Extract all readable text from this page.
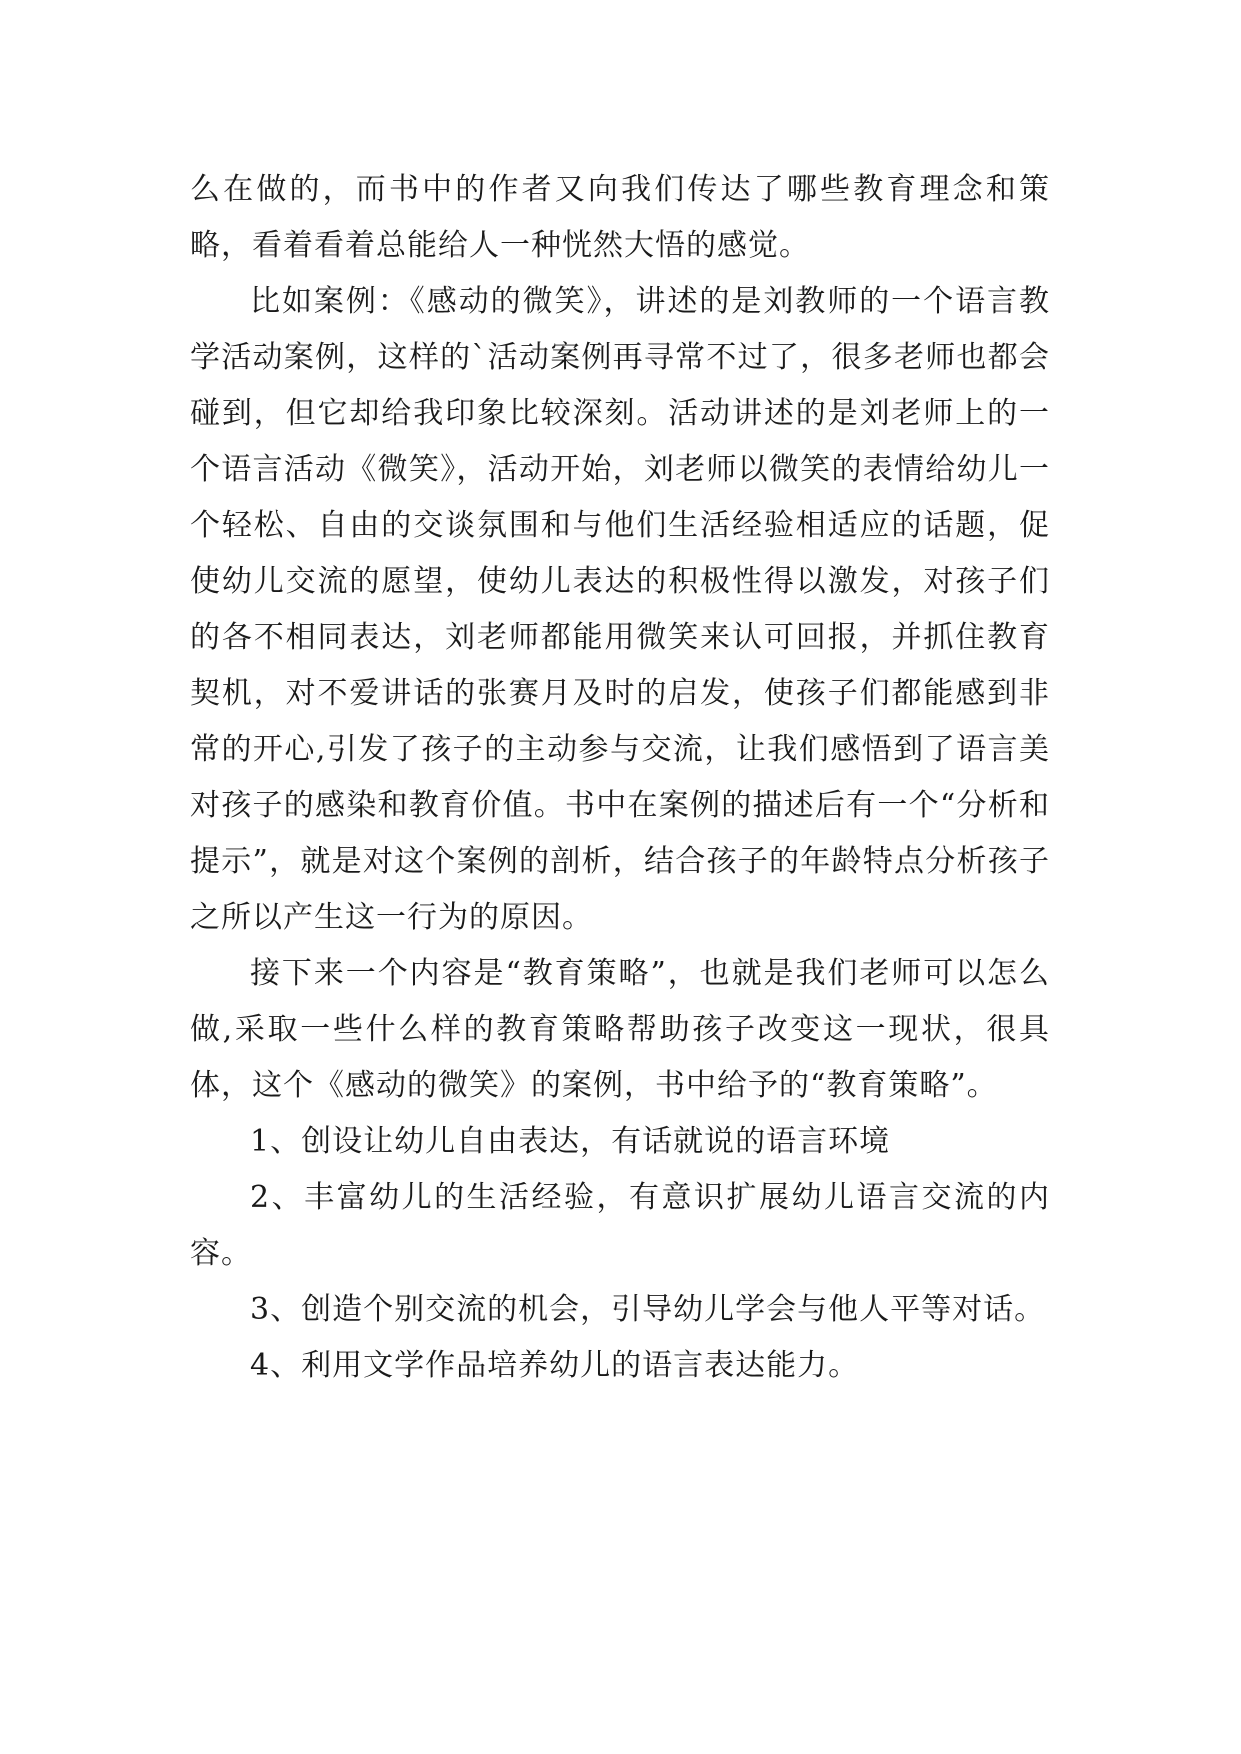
么在做的，而书中的作者又向我们传达了哪些教育理念和策略，看着看着总能给人一种恍然大悟的感觉。

比如案例：《感动的微笑》，讲述的是刘教师的一个语言教学活动案例，这样的`活动案例再寻常不过了，很多老师也都会碰到，但它却给我印象比较深刻。活动讲述的是刘老师上的一个语言活动《微笑》，活动开始，刘老师以微笑的表情给幼儿一个轻松、自由的交谈氛围和与他们生活经验相适应的话题，促使幼儿交流的愿望，使幼儿表达的积极性得以激发，对孩子们的各不相同表达，刘老师都能用微笑来认可回报，并抓住教育契机，对不爱讲话的张赛月及时的启发，使孩子们都能感到非常的开心,引发了孩子的主动参与交流，让我们感悟到了语言美对孩子的感染和教育价值。书中在案例的描述后有一个“分析和提示”，就是对这个案例的剖析，结合孩子的年龄特点分析孩子之所以产生这一行为的原因。

接下来一个内容是“教育策略”，也就是我们老师可以怎么做,采取一些什么样的教育策略帮助孩子改变这一现状，很具体，这个《感动的微笑》的案例，书中给予的“教育策略”。

1、创设让幼儿自由表达，有话就说的语言环境

2、丰富幼儿的生活经验，有意识扩展幼儿语言交流的内容。

3、创造个别交流的机会，引导幼儿学会与他人平等对话。

4、利用文学作品培养幼儿的语言表达能力。
